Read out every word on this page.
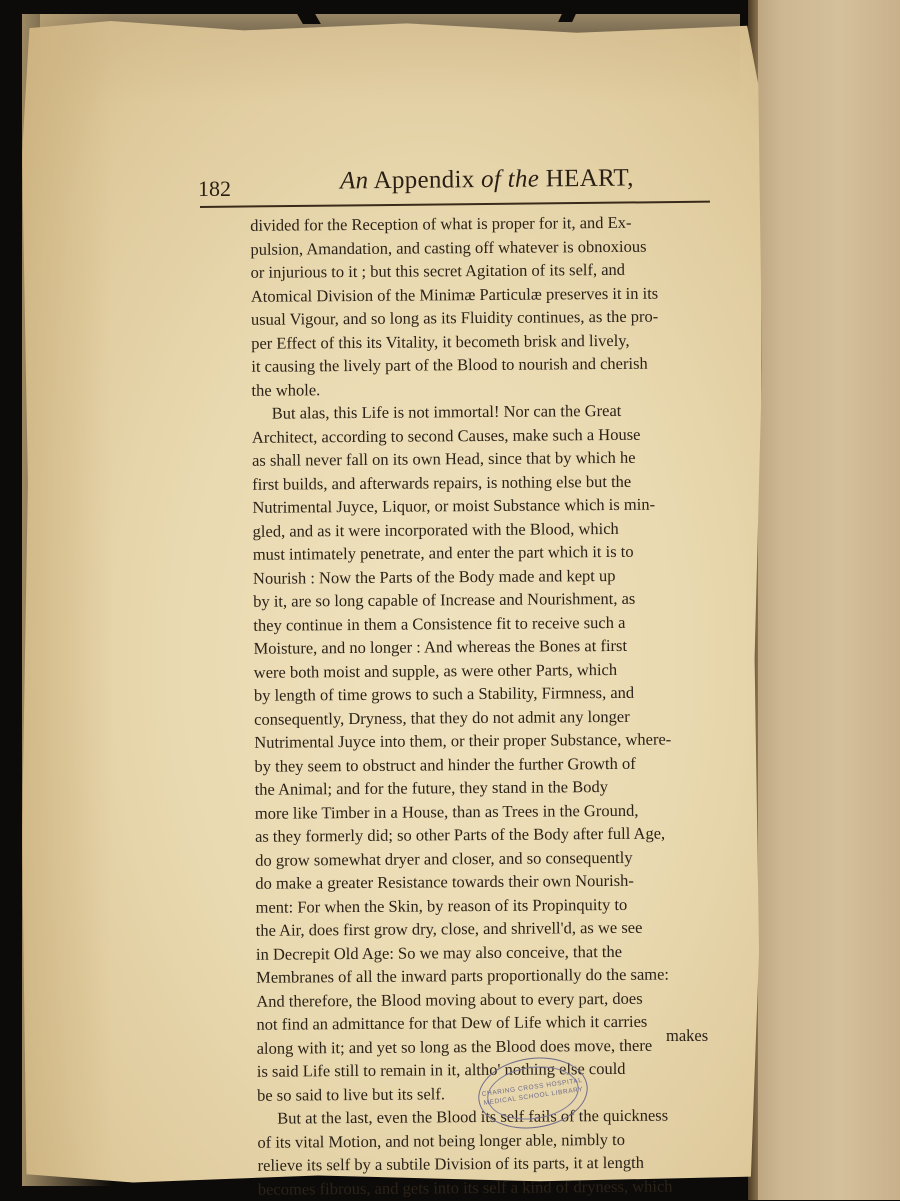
182	An Appendix of the HEART,
divided for the Reception of what is proper for it, and Ex-
pulsion, Amandation, and casting off whatever is obnoxious
or injurious to it ; but this secret Agitation of its self, and
Atomical Division of the Minimæ Particulæ preserves it in its
usual Vigour, and so long as its Fluidity continues, as the pro-
per Effect of this its Vitality, it becometh brisk and lively,
it causing the lively part of the Blood to nourish and cherish
the whole.
But alas, this Life is not immortal! Nor can the Great
Architect, according to second Causes, make such a House
as shall never fall on its own Head, since that by which he
first builds, and afterwards repairs, is nothing else but the
Nutrimental Juyce, Liquor, or moist Substance which is min-
gled, and as it were incorporated with the Blood, which
must intimately penetrate, and enter the part which it is to
Nourish : Now the Parts of the Body made and kept up
by it, are so long capable of Increase and Nourishment, as
they continue in them a Consistence fit to receive such a
Moisture, and no longer : And whereas the Bones at first
were both moist and supple, as were other Parts, which
by length of time grows to such a Stability, Firmness, and
consequently, Dryness, that they do not admit any longer
Nutrimental Juyce into them, or their proper Substance, where-
by they seem to obstruct and hinder the further Growth of
the Animal; and for the future, they stand in the Body
more like Timber in a House, than as Trees in the Ground,
as they formerly did; so other Parts of the Body after full Age,
do grow somewhat dryer and closer, and so consequently
do make a greater Resistance towards their own Nourish-
ment: For when the Skin, by reason of its Propinquity to
the Air, does first grow dry, close, and shrivell'd, as we see
in Decrepit Old Age: So we may also conceive, that the
Membranes of all the inward parts proportionally do the same:
And therefore, the Blood moving about to every part, does
not find an admittance for that Dew of Life which it carries
along with it; and yet so long as the Blood does move, there
is said Life still to remain in it, altho' nothing else could
be so said to live but its self.
But at the last, even the Blood its self fails of the quickness
of its vital Motion, and not being longer able, nimbly to
relieve its self by a subtile Division of its parts, it at length
becomes fibrous, and gets into its self a kind of dryness, which
makes
CHARING CROSS HOSPITAL MEDICAL SCHOOL LIBRARY
